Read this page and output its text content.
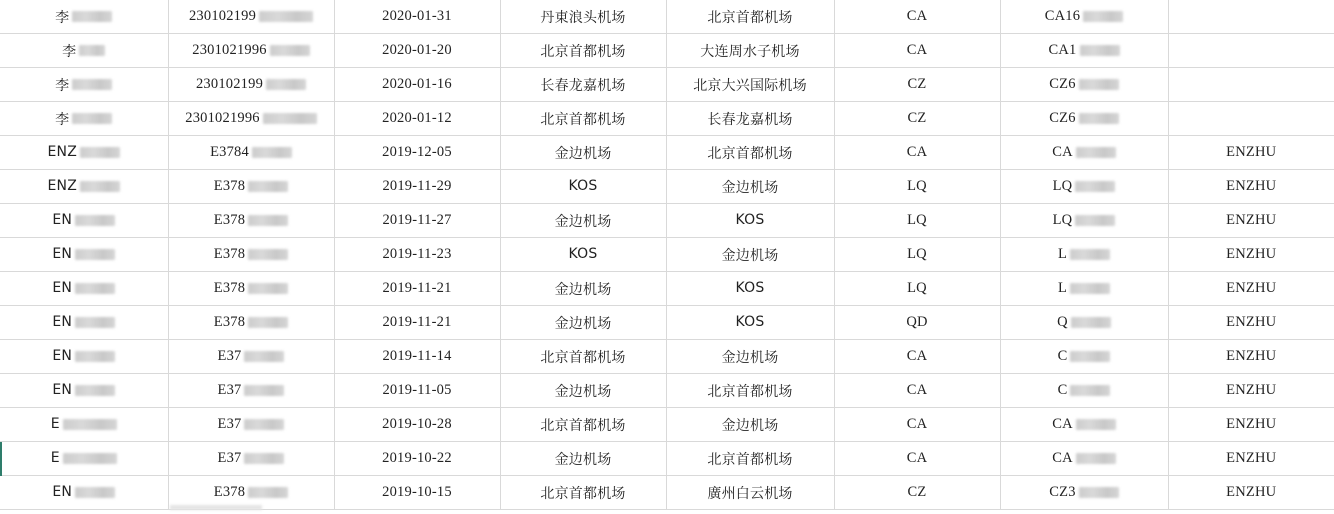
李	230102199	2020-01-31	丹東浪头机场	北京首都机场	CA	CA16	

李	2301021996	2020-01-20	北京首都机场	大连周水子机场	CA	CA1	

李	230102199	2020-01-16	长春龙嘉机场	北京大兴国际机场	CZ	CZ6	

李	2301021996	2020-01-12	北京首都机场	长春龙嘉机场	CZ	CZ6	

ENZ	E3784	2019-12-05	金边机场	北京首都机场	CA	CA	ENZHU

ENZ	E378	2019-11-29	KOS	金边机场	LQ	LQ	ENZHU

EN	E378	2019-11-27	金边机场	KOS	LQ	LQ	ENZHU

EN	E378	2019-11-23	KOS	金边机场	LQ	L	ENZHU

EN	E378	2019-11-21	金边机场	KOS	LQ	L	ENZHU

EN	E378	2019-11-21	金边机场	KOS	QD	Q	ENZHU

EN	E37	2019-11-14	北京首都机场	金边机场	CA	C	ENZHU

EN	E37	2019-11-05	金边机场	北京首都机场	CA	C	ENZHU

E	E37	2019-10-28	北京首都机场	金边机场	CA	CA	ENZHU

E	E37	2019-10-22	金边机场	北京首都机场	CA	CA	ENZHU

EN	E378	2019-10-15	北京首都机场	廣州白云机场	CZ	CZ3	ENZHU
